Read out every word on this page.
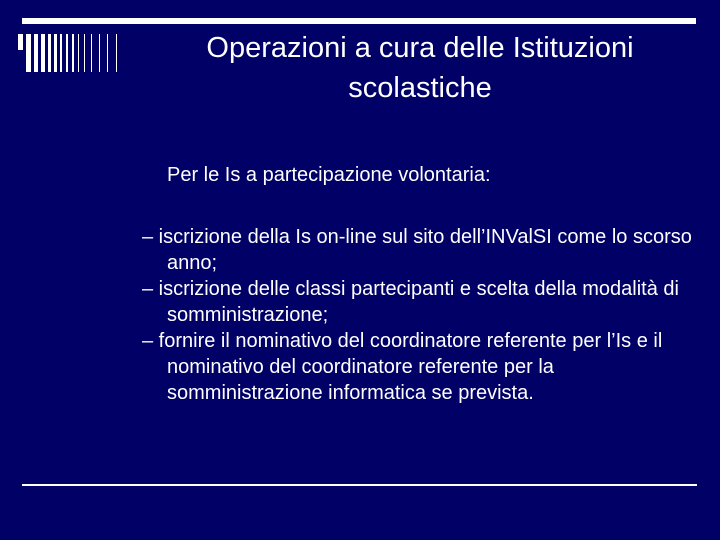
Operazioni a cura delle Istituzioni
scolastiche

Per le Is a partecipazione volontaria:

– iscrizione della Is on-line sul sito dell’INValSI come lo scorso anno;
– iscrizione delle classi partecipanti e scelta della modalità di somministrazione;
– fornire il nominativo del coordinatore referente per l’Is e il nominativo del coordinatore referente per la somministrazione informatica se prevista.
